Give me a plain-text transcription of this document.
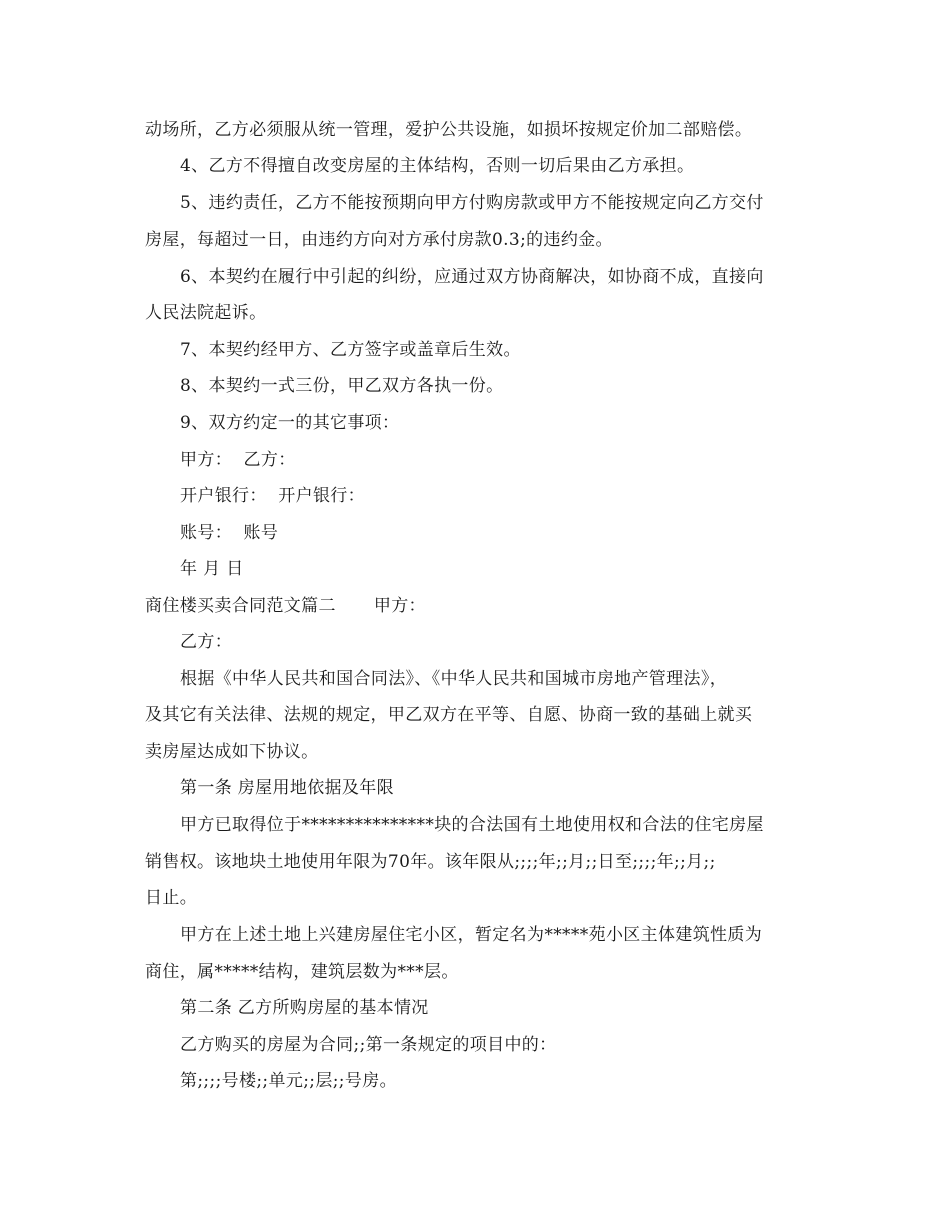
动场所，乙方必须服从统一管理，爱护公共设施，如损坏按规定价加二部赔偿。
4、乙方不得擅自改变房屋的主体结构，否则一切后果由乙方承担。
5、违约责任，乙方不能按预期向甲方付购房款或甲方不能按规定向乙方交付
房屋，每超过一日，由违约方向对方承付房款0.3;的违约金。
6、本契约在履行中引起的纠纷，应通过双方协商解决，如协商不成，直接向
人民法院起诉。
7、本契约经甲方、乙方签字或盖章后生效。
8、本契约一式三份，甲乙双方各执一份。
9、双方约定一的其它事项：
甲方：  乙方：
开户银行：  开户银行：
账号：  账号
年 月 日
商住楼买卖合同范文篇二 甲方：
乙方：
根据《中华人民共和国合同法》、《中华人民共和国城市房地产管理法》，
及其它有关法律、法规的规定，甲乙双方在平等、自愿、协商一致的基础上就买
卖房屋达成如下协议。
第一条 房屋用地依据及年限
甲方已取得位于***************块的合法国有土地使用权和合法的住宅房屋
销售权。该地块土地使用年限为70年。该年限从;;;;年;;月;;日至;;;;年;;月;;
日止。
甲方在上述土地上兴建房屋住宅小区，暂定名为*****苑小区主体建筑性质为
商住，属*****结构，建筑层数为***层。
第二条 乙方所购房屋的基本情况
乙方购买的房屋为合同;;第一条规定的项目中的：
第;;;;号楼;;单元;;层;;号房。
